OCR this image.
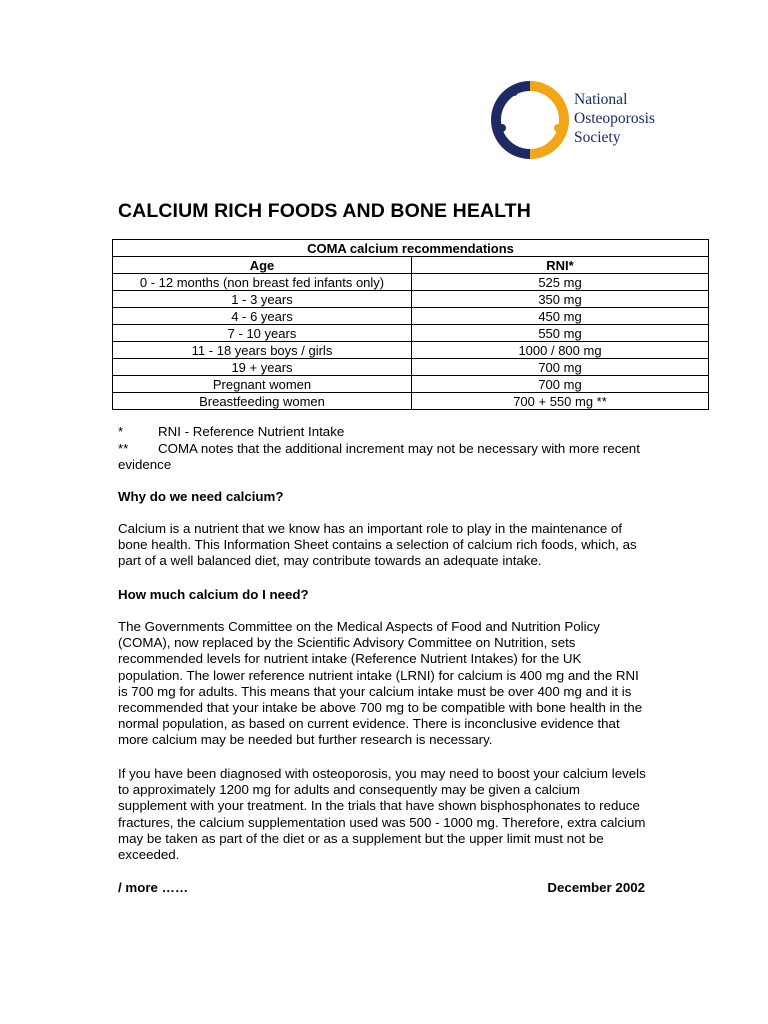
National
Osteoporosis
Society
CALCIUM RICH FOODS AND BONE HEALTH
COMA calcium recommendations	
Age	RNI*
0 - 12 months (non breast fed infants only)	525 mg
1 - 3 years	350 mg
4 - 6 years	450 mg
7 - 10 years	550 mg
11 - 18 years boys / girls	1000 / 800 mg
19 + years	700 mg
Pregnant women	700 mg
Breastfeeding women	700 + 550 mg **
*	RNI - Reference Nutrient Intake
** COMA notes that the additional increment may not be necessary with more recent evidence
Why do we need calcium?

Calcium is a nutrient that we know has an important role to play in the maintenance of bone health. This Information Sheet contains a selection of calcium rich foods, which, as part of a well balanced diet, may contribute towards an adequate intake.

How much calcium do I need?

The Governments Committee on the Medical Aspects of Food and Nutrition Policy (COMA), now replaced by the Scientific Advisory Committee on Nutrition, sets recommended levels for nutrient intake (Reference Nutrient Intakes) for the UK population. The lower reference nutrient intake (LRNI) for calcium is 400 mg and the RNI is 700 mg for adults. This means that your calcium intake must be over 400 mg and it is recommended that your intake be above 700 mg to be compatible with bone health in the normal population, as based on current evidence. There is inconclusive evidence that more calcium may be needed but further research is necessary.

If you have been diagnosed with osteoporosis, you may need to boost your calcium levels to approximately 1200 mg for adults and consequently may be given a calcium supplement with your treatment. In the trials that have shown bisphosphonates to reduce fractures, the calcium supplementation used was 500 - 1000 mg. Therefore, extra calcium may be taken as part of the diet or as a supplement but the upper limit must not be exceeded.

/ more ……	December 2002
